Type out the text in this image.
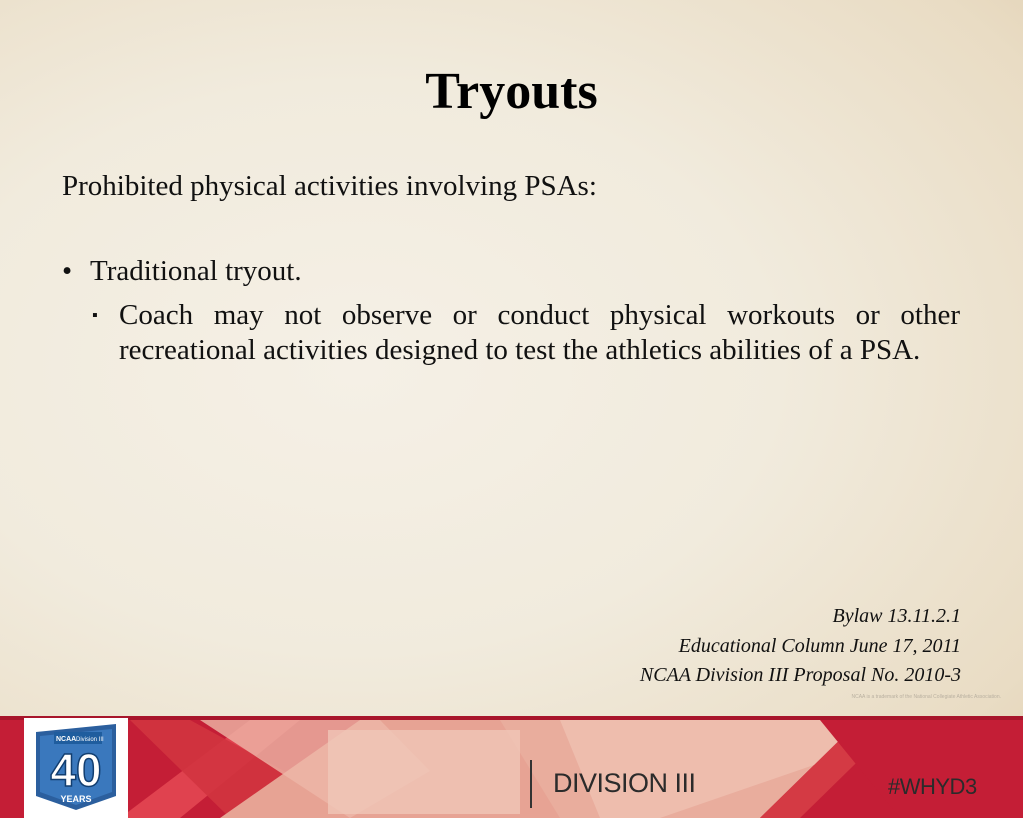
Tryouts
Prohibited physical activities involving PSAs:
• Traditional tryout.
▪ Coach may not observe or conduct physical workouts or other recreational activities designed to test the athletics abilities of a PSA.
Bylaw 13.11.2.1
Educational Column June 17, 2011
NCAA Division III Proposal No. 2010-3
NCAA is a trademark of the National Collegiate Athletic Association.
NCAA Division III
40
YEARS
DIVISION III	#WHYD3
